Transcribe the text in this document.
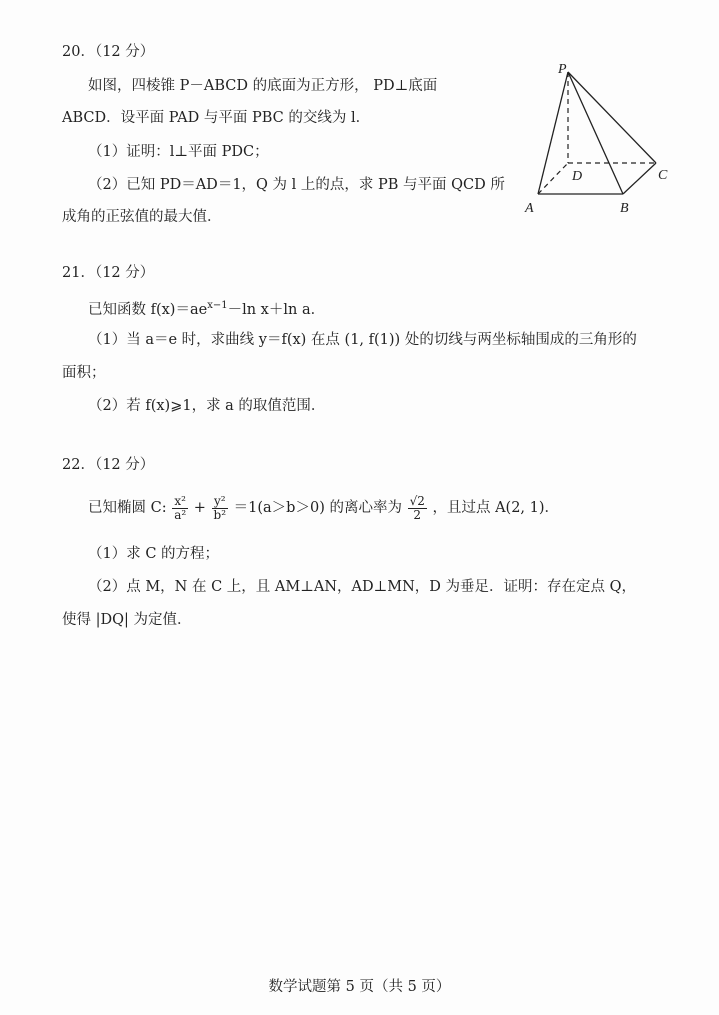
20．（12 分）
如图，四棱锥 P－ABCD 的底面为正方形， PD⊥底面
ABCD．设平面 PAD 与平面 PBC 的交线为 l．
（1）证明：l⊥平面 PDC；
（2）已知 PD＝AD＝1，Q 为 l 上的点，求 PB 与平面 QCD 所
成角的正弦值的最大值．
P
D
A	B
C
21．（12 分）
已知函数 $f(x)=ae^{x-1}-\ln$ x＋ln a．
（1）当 a＝e 时，求曲线 y＝f(x) 在点 (1, f(1)) 处的切线与两坐标轴围成的三角形的
面积；
（2）若 f(x)⩾1，求 a 的取值范围．
22．（12 分）
已知椭圆 C: $\frac{\text{x²}}{\text{a²}} + \frac{\text{y²}}{\text{b²}} =1(a>b>0)$ 的离心率为 $\frac{√2}{2}$ ，且过点 A(2, 1)．
（1）求 C 的方程；
（2）点 M，N 在 C 上，且 AM⊥AN，AD⊥MN，D 为垂足．证明：存在定点 Q，
使得 |DQ| 为定值．
数学试题第 5 页（共 5 页）
